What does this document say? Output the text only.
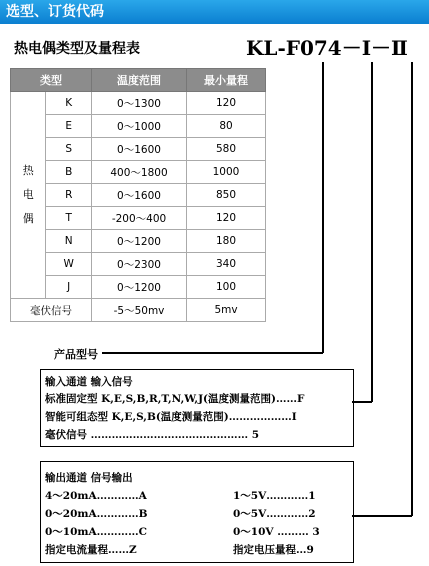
选型、订货代码
热电偶类型及量程表	KL-F074－Ⅰ－Ⅱ
类型		温度范围	最小量程

热
电
偶	K	0～1300	120
	E	0～1000	80
	S	0～1600	580
	B	400～1800	1000
	R	0～1600	850
	T	-200～400	120
	N	0～1200	180
	W	0～2300	340
	J	0～1200	100
毫伏信号		-5～50mv	5mv
产品型号
输入通道 输入信号
标准固定型 K,E,S,B,R,T,N,W,J(温度测量范围)……F
智能可组态型 K,E,S,B(温度测量范围)………………I
毫伏信号 ……………………………………… 5
输出通道 信号输出
4～20mA…………A
0～20mA…………B
0～10mA…………C
指定电流量程……Z
1～5V…………1
0～5V…………2
0～10V ……… 3
指定电压量程…9
